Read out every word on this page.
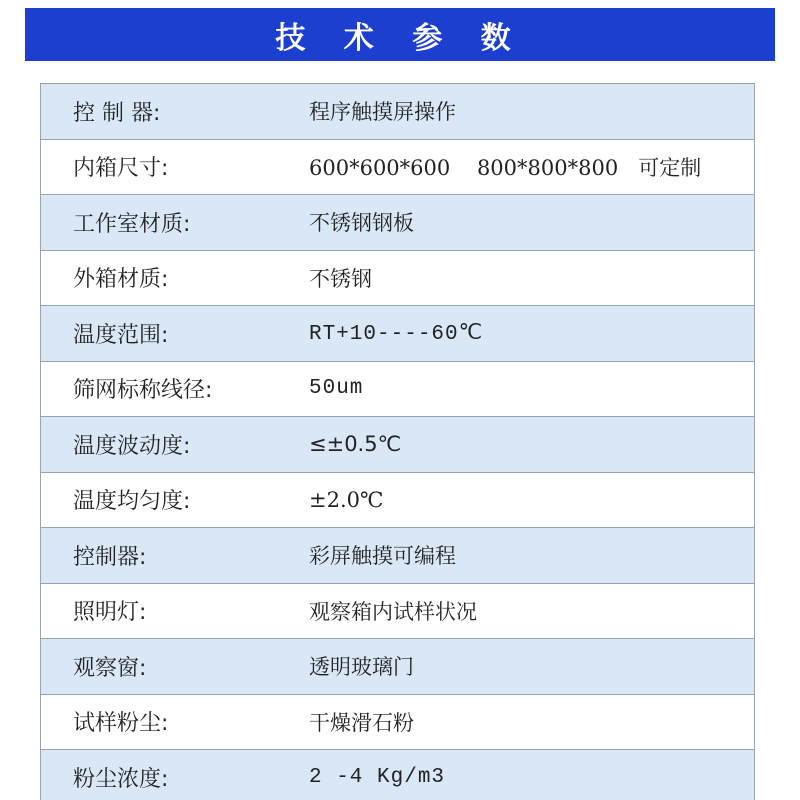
技 术 参 数
控 制 器:	程序触摸屏操作
内箱尺寸:	600*600*600    800*800*800   可定制
工作室材质:	不锈钢钢板
外箱材质:	不锈钢
温度范围:	RT+10----60℃
筛网标称线径:	50um
温度波动度:	≤±0.5℃
温度均匀度:	±2.0℃
控制器:	彩屏触摸可编程
照明灯:	观察箱内试样状况
观察窗:	透明玻璃门
试样粉尘:	干燥滑石粉
粉尘浓度:	2 -4 Kg/m3
